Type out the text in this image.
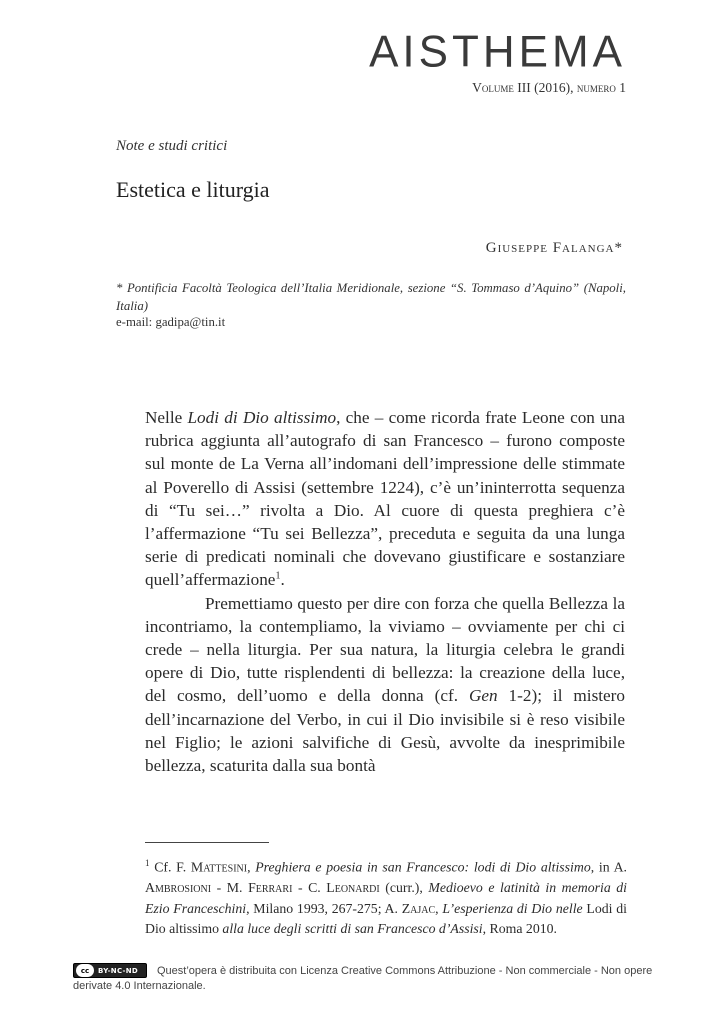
AISTHEMA
Volume III (2016), numero 1
Note e studi critici
Estetica e liturgia
Giuseppe Falanga*
* Pontificia Facoltà Teologica dell’Italia Meridionale, sezione “S. Tommaso d’Aquino” (Napoli, Italia)
e-mail: gadipa@tin.it

Nelle Lodi di Dio altissimo, che – come ricorda frate Leone con una rubrica aggiunta all’autografo di san Francesco – furono composte sul monte de La Verna all’indomani dell’impressione delle stimmate al Poverello di Assisi (settembre 1224), c’è un’ininterrotta sequenza di “Tu sei…” rivolta a Dio. Al cuore di questa preghiera c’è l’affermazione “Tu sei Bellezza”, preceduta e seguita da una lunga serie di predicati nominali che dovevano giustificare e sostanziare quell’affermazione$^1$.

Premettiamo questo per dire con forza che quella Bellezza la incontriamo, la contempliamo, la viviamo – ovviamente per chi ci crede – nella liturgia. Per sua natura, la liturgia celebra le grandi opere di Dio, tutte risplendenti di bellezza: la creazione della luce, del cosmo, dell’uomo e della donna (cf. Gen 1-2); il mistero dell’incarnazione del Verbo, in cui il Dio invisibile si è reso visibile nel Figlio; le azioni salvifiche di Gesù, avvolte da inesprimibile bellezza, scaturita dalla sua bontà

$^1$ Cf. F. Mattesini, Preghiera e poesia in san Francesco: lodi di Dio altissimo, in A. Ambrosioni - M. Ferrari - C. Leonardi (curr.), Medioevo e latinità in memoria di Ezio Franceschini, Milano 1993, 267-275; A. Zajac, L’esperienza di Dio nelle Lodi di Dio altissimo alla luce degli scritti di san Francesco d’Assisi, Roma 2010.
cc	BY-NC-ND	Quest’opera è distribuita con Licenza Creative Commons Attribuzione - Non commerciale - Non opere derivate 4.0 Internazionale.
